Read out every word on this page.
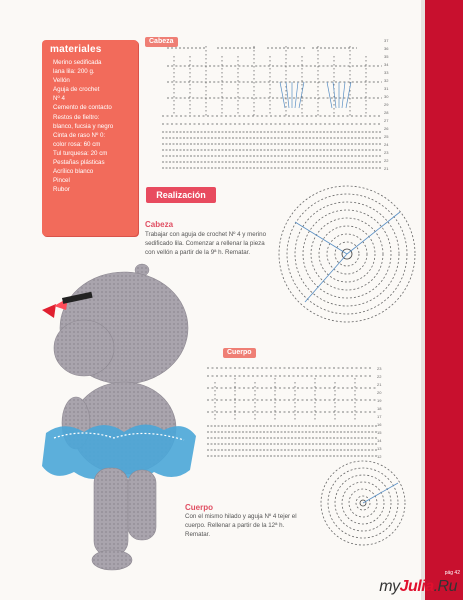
pág 42
materiales
Merino sedificada
lana lila: 200 g.
Vellón
Aguja de crochet
Nº 4
Cemento de contacto
Restos de fieltro:
blanco, fucsia y negro
Cinta de raso Nº 0:
color rosa: 60 cm
Tul turquesa: 20 cm
Pestañas plásticas
Acrílico blanco
Pincel
Rubor
Cabeza
Cuerpo
37
36
35
34
33
32
31
30
29
28
27
26
25
24
23
22
21
Realización
Cabeza
Trabajar con aguja de crochet Nº 4 y merino sedificado lila. Comenzar a rellenar la pieza con vellón a partir de la 9ª h. Rematar.
23
22
21
20
19
18
17
16
15
14
13
12
Cuerpo
Con el mismo hilado y aguja Nº 4 tejer el cuerpo. Rellenar a partir de la 12ª h. Rematar.
myJulia.Ru
